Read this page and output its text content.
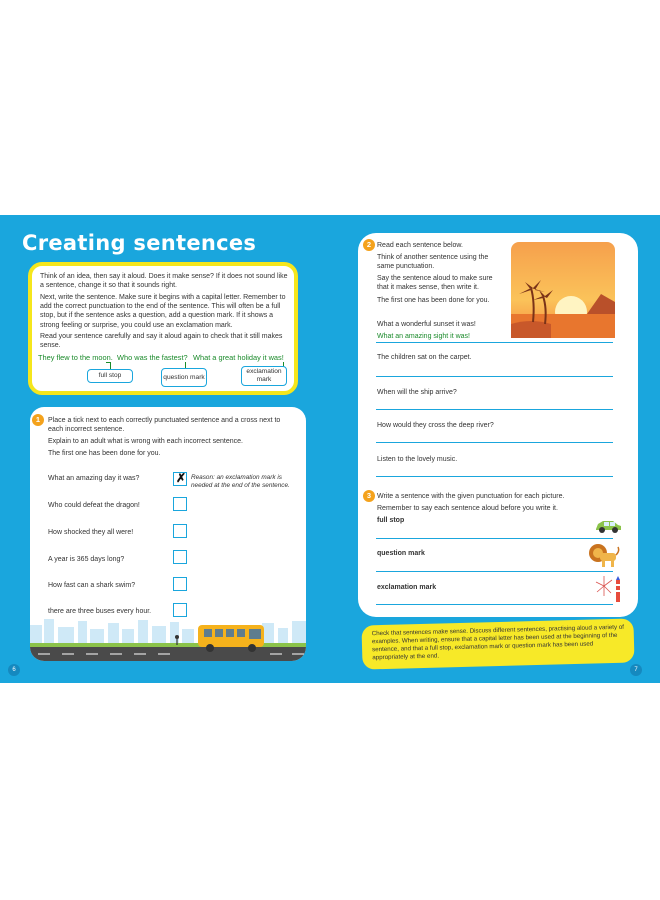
Creating sentences

Think of an idea, then say it aloud. Does it make sense? If it does not sound like a sentence, change it so that it sounds right.

Next, write the sentence. Make sure it begins with a capital letter. Remember to add the correct punctuation to the end of the sentence. This will often be a full stop, but if the sentence asks a question, add a question mark. If it shows a strong feeling or surprise, you could use an exclamation mark.

Read your sentence carefully and say it aloud again to check that it still makes sense.

They flew to the moon. Who was the fastest? What a great holiday it was!
full stop	question mark
exclamation mark
1	Place a tick next to each correctly punctuated sentence and a cross next to each incorrect sentence.
Explain to an adult what is wrong with each incorrect sentence.
The first one has been done for you.
What an amazing day it was?	✗ Reason: an exclamation mark is needed at the end of the sentence.
Who could defeat the dragon!
How shocked they all were!
A year is 365 days long?
How fast can a shark swim?
there are three buses every hour.
2 Read each sentence below.
Think of another sentence using the same punctuation.
Say the sentence aloud to make sure that it makes sense, then write it.
The first one has been done for you.
What a wonderful sunset it was!
What an amazing sight it was!
The children sat on the carpet.
When will the ship arrive?
How would they cross the deep river?
Listen to the lovely music.
3 Write a sentence with the given punctuation for each picture.
Remember to say each sentence aloud before you write it.
full stop
question mark
exclamation mark

Check that sentences make sense. Discuss different sentences, practising aloud a variety of examples. When writing, ensure that a capital letter has been used at the beginning of the sentence, and that a full stop, exclamation mark or question mark has been used appropriately at the end.

6	7
